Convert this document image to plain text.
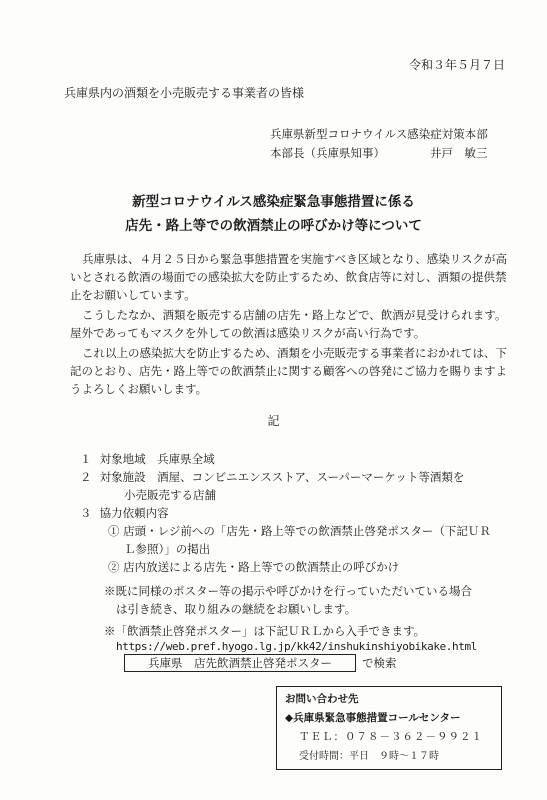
令和３年５月７日
兵庫県内の酒類を小売販売する事業者の皆様
兵庫県新型コロナウイルス感染症対策本部
本部長（兵庫県知事）	井戸　敏三
新型コロナウイルス感染症緊急事態措置に係る
店先・路上等での飲酒禁止の呼びかけ等について

兵庫県は、４月２５日から緊急事態措置を実施すべき区域となり、感染リスクが高いとされる飲酒の場面での感染拡大を防止するため、飲食店等に対し、酒類の提供禁止をお願いしています。

こうしたなか、酒類を販売する店舗の店先・路上などで、飲酒が見受けられます。屋外であってもマスクを外しての飲酒は感染リスクが高い行為です。

これ以上の感染拡大を防止するため、酒類を小売販売する事業者におかれては、下記のとおり、店先・路上等での飲酒禁止に関する顧客への啓発にご協力を賜りますようよろしくお願いします。

記
１ 対象地域　兵庫県全域
２ 対象施設　酒屋、コンビニエンスストア、スーパーマーケット等酒類を
小売販売する店舗
３ 協力依頼内容
① 店頭・レジ前への「店先・路上等での飲酒禁止啓発ポスター（下記ＵＲ
Ｌ参照）」の掲出
② 店内放送による店先・路上等での飲酒禁止の呼びかけ
※既に同様のポスター等の掲示や呼びかけを行っていただいている場合
は引き続き、取り組みの継続をお願いします。
※「飲酒禁止啓発ポスター」は下記ＵＲＬから入手できます。
https://web.pref.hyogo.lg.jp/kk42/inshukinshiyobikake.html
兵庫県　店先飲酒禁止啓発ポスター	で検索
お問い合わせ先
◆兵庫県緊急事態措置コールセンター
ＴＥＬ：０７８－３６２－９９２１
受付時間：平日　９時～１７時
